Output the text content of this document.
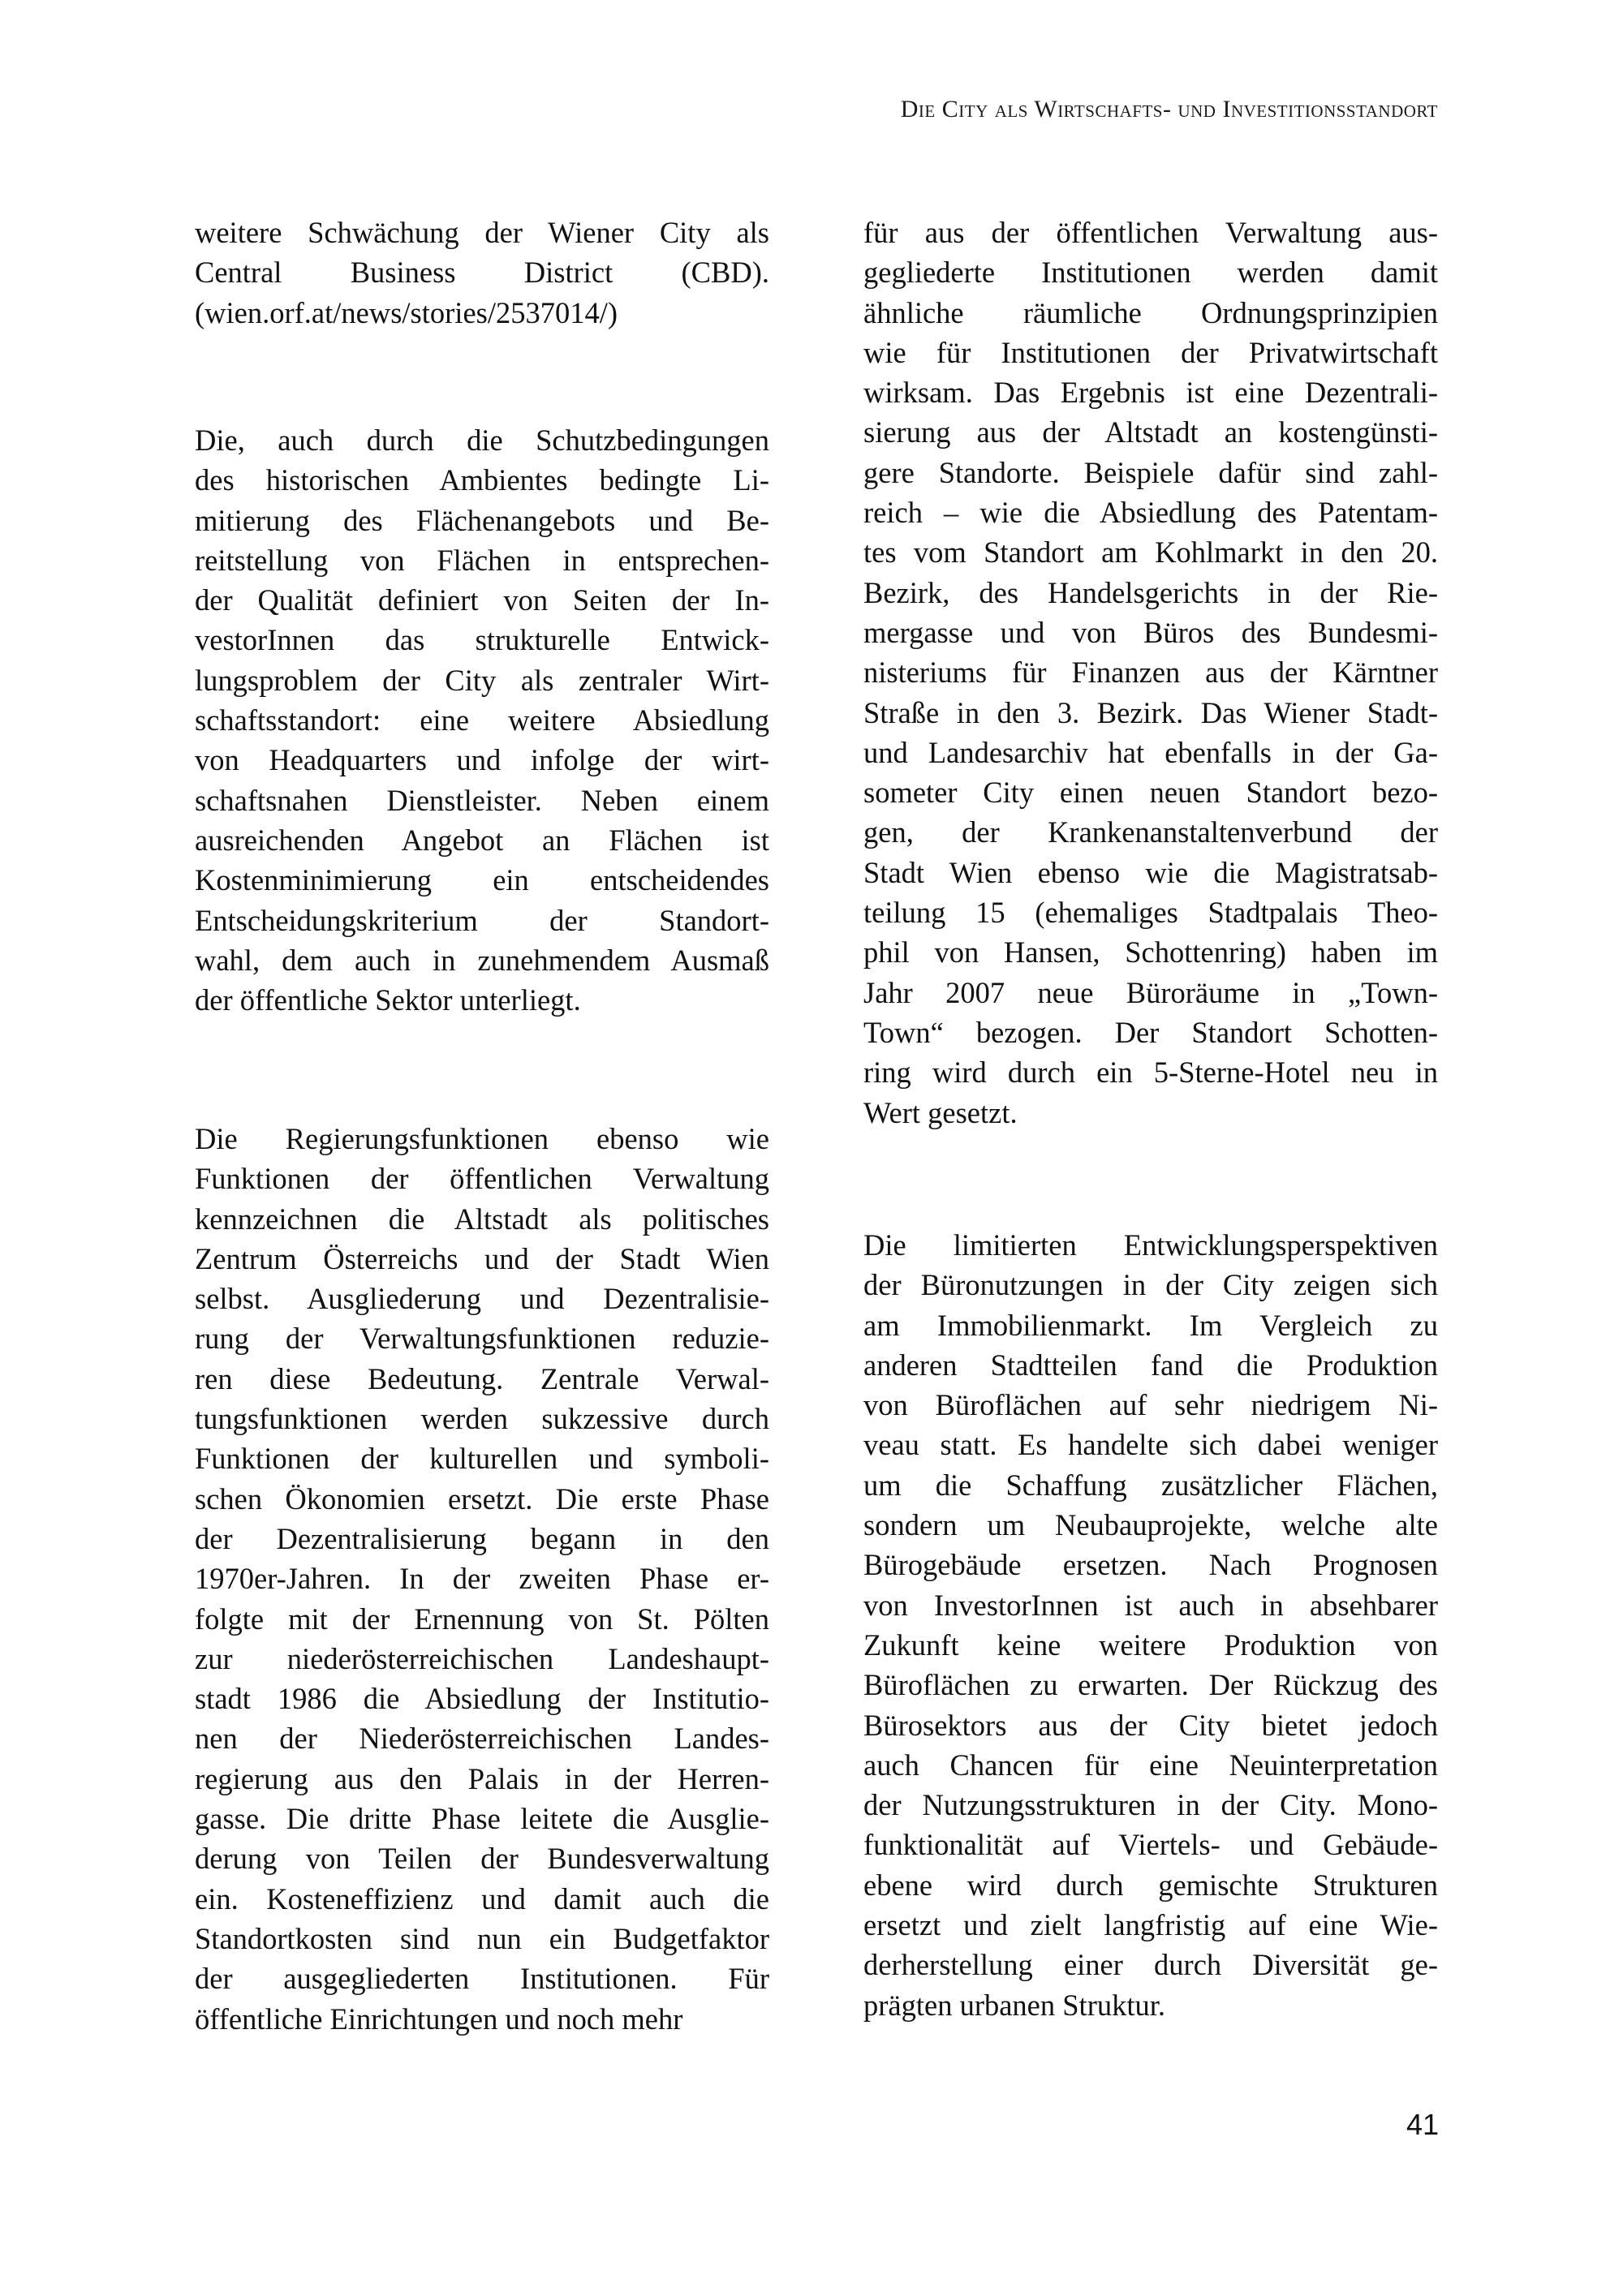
Die City als Wirtschafts- und Investitionsstandort
weitere Schwächung der Wiener City als
Central Business District (CBD).
(wien.orf.at/news/stories/2537014/)
Die, auch durch die Schutzbedingungen
des historischen Ambientes bedingte Li-
mitierung des Flächenangebots und Be-
reitstellung von Flächen in entsprechen-
der Qualität definiert von Seiten der In-
vestorInnen das strukturelle Entwick-
lungsproblem der City als zentraler Wirt-
schaftsstandort: eine weitere Absiedlung
von Headquarters und infolge der wirt-
schaftsnahen Dienstleister. Neben einem
ausreichenden Angebot an Flächen ist
Kostenminimierung ein entscheidendes
Entscheidungskriterium der Standort-
wahl, dem auch in zunehmendem Ausmaß
der öffentliche Sektor unterliegt.
Die Regierungsfunktionen ebenso wie
Funktionen der öffentlichen Verwaltung
kennzeichnen die Altstadt als politisches
Zentrum Österreichs und der Stadt Wien
selbst. Ausgliederung und Dezentralisie-
rung der Verwaltungsfunktionen reduzie-
ren diese Bedeutung. Zentrale Verwal-
tungsfunktionen werden sukzessive durch
Funktionen der kulturellen und symboli-
schen Ökonomien ersetzt. Die erste Phase
der Dezentralisierung begann in den
1970er-Jahren. In der zweiten Phase er-
folgte mit der Ernennung von St. Pölten
zur niederösterreichischen Landeshaupt-
stadt 1986 die Absiedlung der Institutio-
nen der Niederösterreichischen Landes-
regierung aus den Palais in der Herren-
gasse. Die dritte Phase leitete die Ausglie-
derung von Teilen der Bundesverwaltung
ein. Kosteneffizienz und damit auch die
Standortkosten sind nun ein Budgetfaktor
der ausgegliederten Institutionen. Für
öffentliche Einrichtungen und noch mehr
für aus der öffentlichen Verwaltung aus-
gegliederte Institutionen werden damit
ähnliche räumliche Ordnungsprinzipien
wie für Institutionen der Privatwirtschaft
wirksam. Das Ergebnis ist eine Dezentrali-
sierung aus der Altstadt an kostengünsti-
gere Standorte. Beispiele dafür sind zahl-
reich – wie die Absiedlung des Patentam-
tes vom Standort am Kohlmarkt in den 20.
Bezirk, des Handelsgerichts in der Rie-
mergasse und von Büros des Bundesmi-
nisteriums für Finanzen aus der Kärntner
Straße in den 3. Bezirk. Das Wiener Stadt-
und Landesarchiv hat ebenfalls in der Ga-
someter City einen neuen Standort bezo-
gen, der Krankenanstaltenverbund der
Stadt Wien ebenso wie die Magistratsab-
teilung 15 (ehemaliges Stadtpalais Theo-
phil von Hansen, Schottenring) haben im
Jahr 2007 neue Büroräume in „Town-
Town“ bezogen. Der Standort Schotten-
ring wird durch ein 5-Sterne-Hotel neu in
Wert gesetzt.
Die limitierten Entwicklungsperspektiven
der Büronutzungen in der City zeigen sich
am Immobilienmarkt. Im Vergleich zu
anderen Stadtteilen fand die Produktion
von Büroflächen auf sehr niedrigem Ni-
veau statt. Es handelte sich dabei weniger
um die Schaffung zusätzlicher Flächen,
sondern um Neubauprojekte, welche alte
Bürogebäude ersetzen. Nach Prognosen
von InvestorInnen ist auch in absehbarer
Zukunft keine weitere Produktion von
Büroflächen zu erwarten. Der Rückzug des
Bürosektors aus der City bietet jedoch
auch Chancen für eine Neuinterpretation
der Nutzungsstrukturen in der City. Mono-
funktionalität auf Viertels- und Gebäude-
ebene wird durch gemischte Strukturen
ersetzt und zielt langfristig auf eine Wie-
derherstellung einer durch Diversität ge-
prägten urbanen Struktur.
41
